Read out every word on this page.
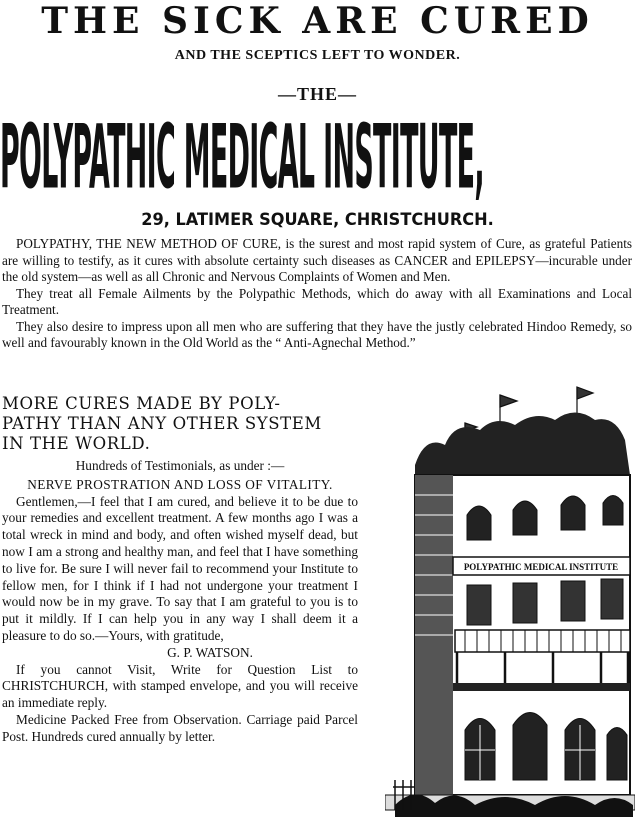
THE SICK ARE CURED
AND THE SCEPTICS LEFT TO WONDER.
—THE—
POLYPATHIC MEDICAL INSTITUTE,
29, LATIMER SQUARE, CHRISTCHURCH.

POLYPATHY, THE NEW METHOD OF CURE, is the surest and most rapid system of Cure, as grateful Patients are willing to testify, as it cures with absolute certainty such diseases as CANCER and EPILEPSY—incurable under the old system—as well as all Chronic and Nervous Complaints of Women and Men.

They treat all Female Ailments by the Polypathic Methods, which do away with all Examinations and Local Treatment.

They also desire to impress upon all men who are suffering that they have the justly celebrated Hindoo Remedy, so well and favourably known in the Old World as the “ Anti-Agnechal Method.”

MORE CURES MADE BY POLY-
PATHY THAN ANY OTHER SYSTEM
IN THE WORLD.

Hundreds of Testimonials, as under :—

NERVE PROSTRATION AND LOSS OF VITALITY.

Gentlemen,—I feel that I am cured, and believe it to be due to your remedies and excellent treatment. A few months ago I was a total wreck in mind and body, and often wished myself dead, but now I am a strong and healthy man, and feel that I have something to live for. Be sure I will never fail to recommend your Institute to fellow men, for I think if I had not undergone your treatment I would now be in my grave. To say that I am grateful to you is to put it mildly. If I can help you in any way I shall deem it a pleasure to do so.—Yours, with gratitude,

G. P. WATSON.

If you cannot Visit, Write for Question List to CHRISTCHURCH, with stamped envelope, and you will receive an immediate reply.

Medicine Packed Free from Observation. Carriage paid Parcel Post. Hundreds cured annually by letter.

POLYPATHIC MEDICAL INSTITUTE
